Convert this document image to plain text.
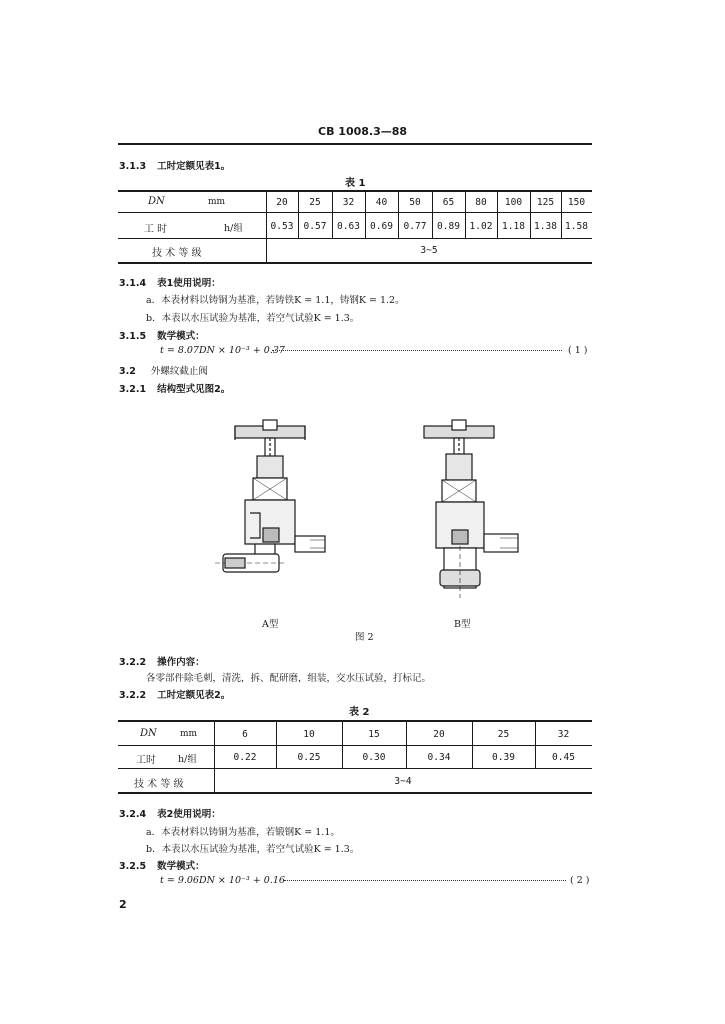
CB 1008.3—88
3.1.3 工时定额见表1。
表 1
DN	mm	20	25	32	40	50	65	80	100	125	150
工 时	h/组	0.53	0.57	0.63	0.69	0.77	0.89	1.02	1.18 1.38 1.58
技 术 等 级	3~5
3.1.4 表1使用说明：
a．本表材料以铸铜为基准，若铸铁K = 1.1，铸钢K = 1.2。
b．本表以水压试验为基准，若空气试验K = 1.3。
3.1.5 数学模式：
t = 8.07DN × 10⁻³ + 0.37	( 1 )
3.2 外螺纹截止阀
3.2.1 结构型式见图2。
A型	B型
图 2
3.2.2 操作内容：
各零部件除毛刺，清洗，拆、配研磨，组装，交水压试验，打标记。
3.2.2 工时定额见表2。
表 2
DN	mm	6	10	15	20	25	32
工时 h/组	0.22	0.25	0.30	0.34	0.39	0.45
技 术 等 级	3~4
3.2.4 表2使用说明：
a．本表材料以铸铜为基准，若锻钢K = 1.1。
b．本表以水压试验为基准，若空气试验K = 1.3。
3.2.5 数学模式：
t = 9.06DN × 10⁻³ + 0.16	( 2 )
2
